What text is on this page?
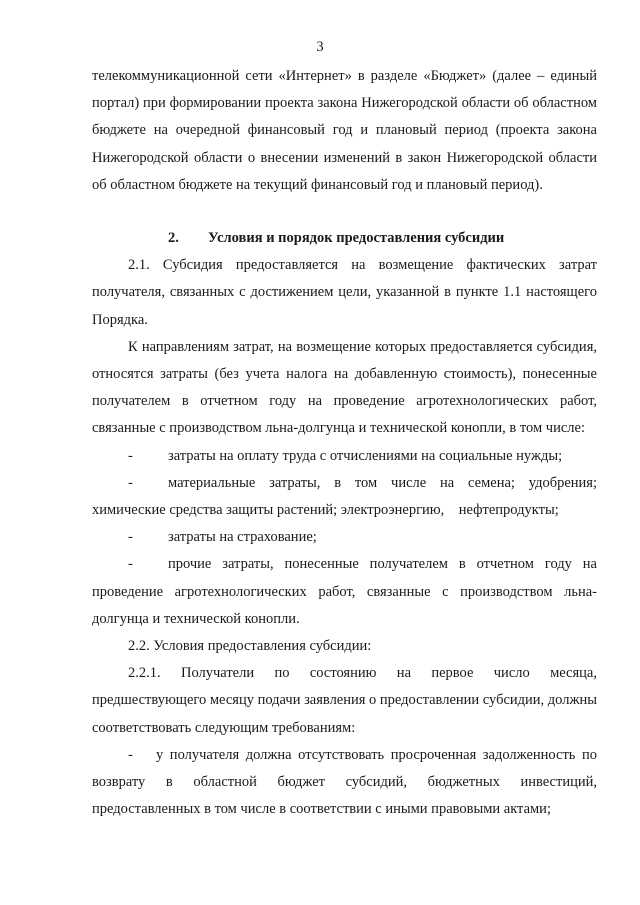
3

телекоммуникационной сети «Интернет» в разделе «Бюджет» (далее – единый портал) при формировании проекта закона Нижегородской области об областном бюджете на очередной финансовый год и плановый период (проекта закона Нижегородской области о внесении изменений в закон Нижегородской области об областном бюджете на текущий финансовый год и плановый период).

2. Условия и порядок предоставления субсидии

2.1. Субсидия предоставляется на возмещение фактических затрат получателя, связанных с достижением цели, указанной в пункте 1.1 настоящего Порядка.

К направлениям затрат, на возмещение которых предоставляется субсидия, относятся затраты (без учета налога на добавленную стоимость), понесенные получателем в отчетном году на проведение агротехнологических работ, связанные с производством льна-долгунца и технической конопли, в том числе:

- затраты на оплату труда с отчислениями на социальные нужды;

- материальные затраты, в том числе на семена; удобрения; химические средства защиты растений; электроэнергию,    нефтепродукты;

- затраты на страхование;

- прочие затраты, понесенные получателем в отчетном году на проведение агротехнологических работ, связанные с производством льна-долгунца и технической конопли.

2.2. Условия предоставления субсидии:

2.2.1. Получатели по состоянию на первое число месяца, предшествующего месяцу подачи заявления о предоставлении субсидии, должны соответствовать следующим требованиям:

- у получателя должна отсутствовать просроченная задолженность по возврату в областной бюджет субсидий, бюджетных инвестиций, предоставленных в том числе в соответствии с иными правовыми актами;
